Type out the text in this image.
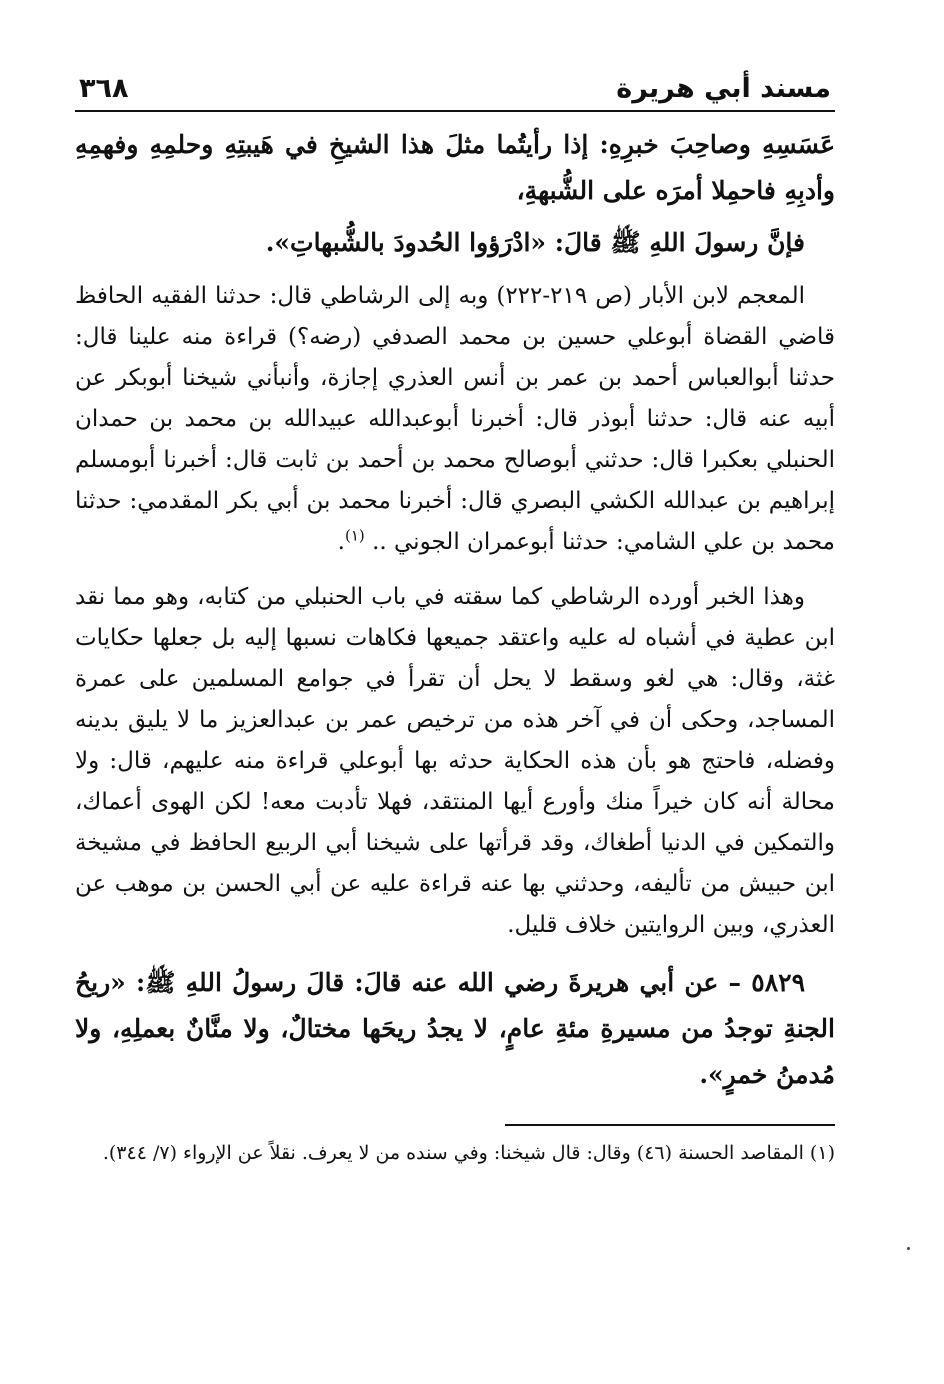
مسند أبي هريرة
٣٦٨

عَسَسِهِ وصاحِبَ خبرِهِ: إذا رأيتُما مثلَ هذا الشيخِ في هَيبتِهِ وحلمِهِ وفهمِهِ وأدبِهِ فاحمِلا أمرَه على الشُّبهةِ،

فإنَّ رسولَ اللهِ ﷺ قالَ: «ادْرَؤوا الحُدودَ بالشُّبهاتِ».

المعجم لابن الأبار (ص ٢١٩-٢٢٢) وبه إلى الرشاطي قال: حدثنا الفقيه الحافظ قاضي القضاة أبوعلي حسين بن محمد الصدفي (رضه؟) قراءة منه علينا قال: حدثنا أبوالعباس أحمد بن عمر بن أنس العذري إجازة، وأنبأني شيخنا أبوبكر عن أبيه عنه قال: حدثنا أبوذر قال: أخبرنا أبوعبدالله عبيدالله بن محمد بن حمدان الحنبلي بعكبرا قال: حدثني أبوصالح محمد بن أحمد بن ثابت قال: أخبرنا أبومسلم إبراهيم بن عبدالله الكشي البصري قال: أخبرنا محمد بن أبي بكر المقدمي: حدثنا محمد بن علي الشامي: حدثنا أبوعمران الجوني .. $^{(١)}$.

وهذا الخبر أورده الرشاطي كما سقته في باب الحنبلي من كتابه، وهو مما نقد ابن عطية في أشباه له عليه واعتقد جميعها فكاهات نسبها إليه بل جعلها حكايات غثة، وقال: هي لغو وسقط لا يحل أن تقرأ في جوامع المسلمين على عمرة المساجد، وحكى أن في آخر هذه من ترخيص عمر بن عبدالعزيز ما لا يليق بدينه وفضله، فاحتج هو بأن هذه الحكاية حدثه بها أبوعلي قراءة منه عليهم، قال: ولا محالة أنه كان خيراً منك وأورع أيها المنتقد، فهلا تأدبت معه! لكن الهوى أعماك، والتمكين في الدنيا أطغاك، وقد قرأتها على شيخنا أبي الربيع الحافظ في مشيخة ابن حبيش من تأليفه، وحدثني بها عنه قراءة عليه عن أبي الحسن بن موهب عن العذري، وبين الروايتين خلاف قليل.

٥٨٢٩ – عن أبي هريرةَ رضي الله عنه قالَ: قالَ رسولُ اللهِ ﷺ: «ريحُ الجنةِ توجدُ من مسيرةِ مئةِ عامٍ، لا يجدُ ريحَها مختالٌ، ولا منَّانٌ بعملِهِ، ولا مُدمنُ خمرٍ».

(١) المقاصد الحسنة (٤٦) وقال: قال شيخنا: وفي سنده من لا يعرف. نقلاً عن الإرواء (٧/ ٣٤٤).
